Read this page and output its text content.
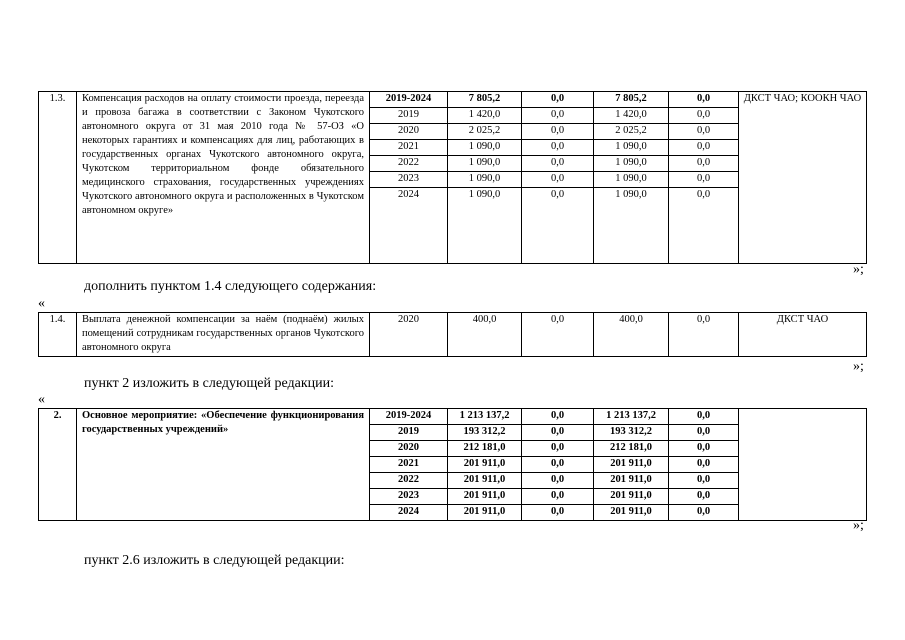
1.3.	Компенсация расходов на оплату стоимости проезда, переезда и провоза багажа в соответствии с Законом Чукотского автономного округа от 31 мая 2010 года № 57-ОЗ «О некоторых гарантиях и компенсациях для лиц, работающих в государственных органах Чукотского автономного округа, Чукотском территориальном фонде обязательного медицинского страхования, государственных учреждениях Чукотского автономного округа и расположенных в Чукотском автономном округе»	2019-2024	7 805,2	0,0	7 805,2	0,0	ДКСТ ЧАО; КООКН ЧАО
		2019	1 420,0	0,0	1 420,0	0,0	
		2020	2 025,2	0,0	2 025,2	0,0	
		2021	1 090,0	0,0	1 090,0	0,0	
		2022	1 090,0	0,0	1 090,0	0,0	
		2023	1 090,0	0,0	1 090,0	0,0	
		2024	1 090,0	0,0	1 090,0	0,0	
»;
дополнить пунктом 1.4 следующего содержания:
«
1.4.	Выплата денежной компенсации за наём (поднаём) жилых помещений сотрудникам государственных органов Чукотского автономного округа	2020	400,0	0,0	400,0	0,0	ДКСТ ЧАО
»;
пункт 2 изложить в следующей редакции:
«
2.	Основное мероприятие: «Обеспечение функционирования государственных учреждений»	2019-2024	1 213 137,2	0,0	1 213 137,2	0,0	
		2019	193 312,2	0,0	193 312,2	0,0	
		2020	212 181,0	0,0	212 181,0	0,0	
		2021	201 911,0	0,0	201 911,0	0,0	
		2022	201 911,0	0,0	201 911,0	0,0	
		2023	201 911,0	0,0	201 911,0	0,0	
		2024	201 911,0	0,0	201 911,0	0,0	
»;
пункт 2.6 изложить в следующей редакции:
